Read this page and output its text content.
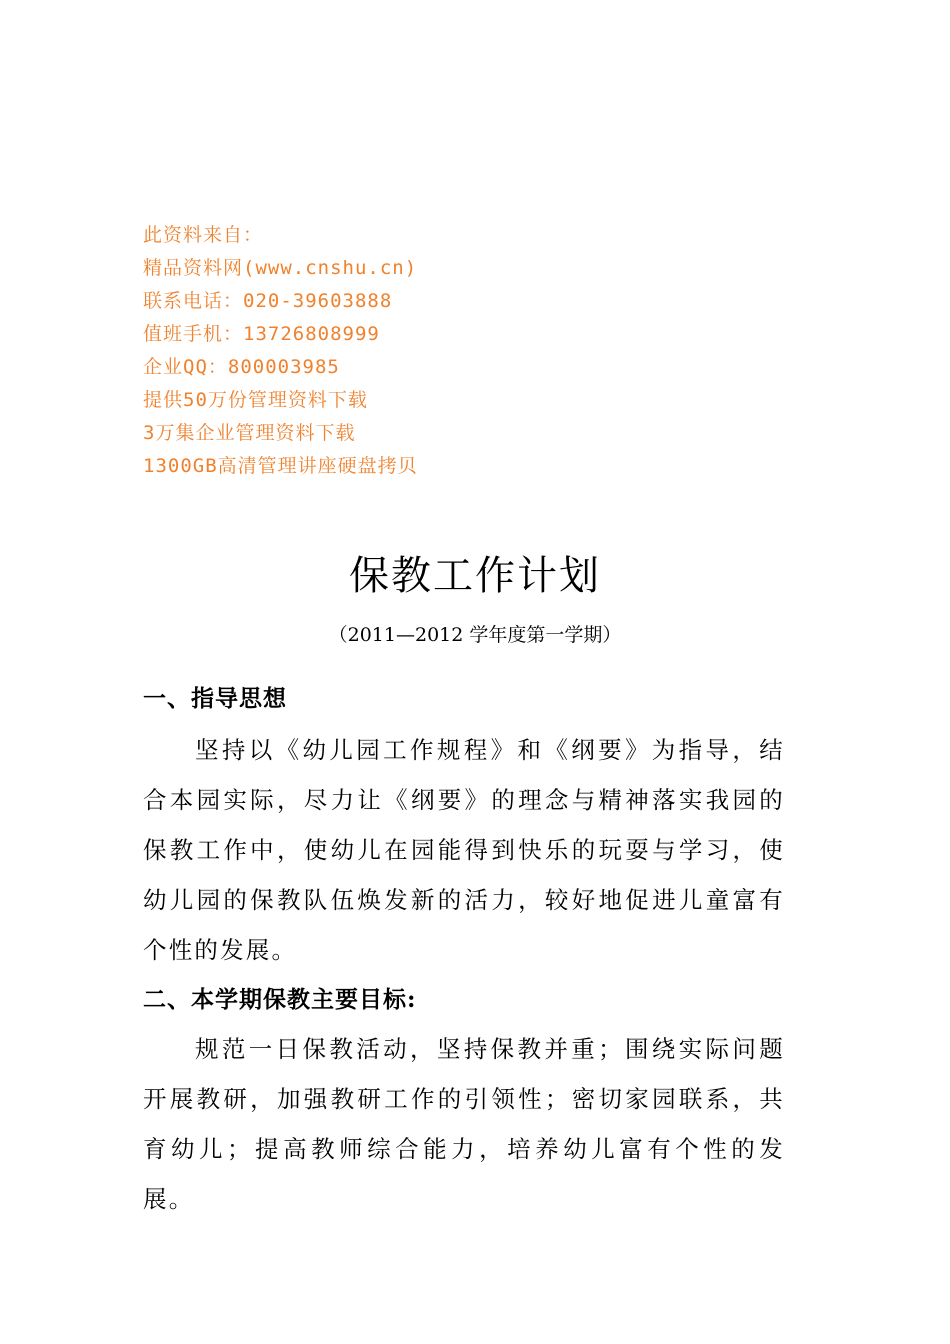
此资料来自：
精品资料网(www.cnshu.cn)
联系电话：020-39603888
值班手机：13726808999
企业QQ：800003985
提供50万份管理资料下载
3万集企业管理资料下载
1300GB高清管理讲座硬盘拷贝
保教工作计划
（2011—2012 学年度第一学期）
一、指导思想
坚持以《幼儿园工作规程》和《纲要》为指导，结合本园实际，尽力让《纲要》的理念与精神落实我园的保教工作中，使幼儿在园能得到快乐的玩耍与学习，使幼儿园的保教队伍焕发新的活力，较好地促进儿童富有个性的发展。
二、本学期保教主要目标:
规范一日保教活动，坚持保教并重；围绕实际问题开展教研，加强教研工作的引领性；密切家园联系，共育幼儿；提高教师综合能力，培养幼儿富有个性的发展。
